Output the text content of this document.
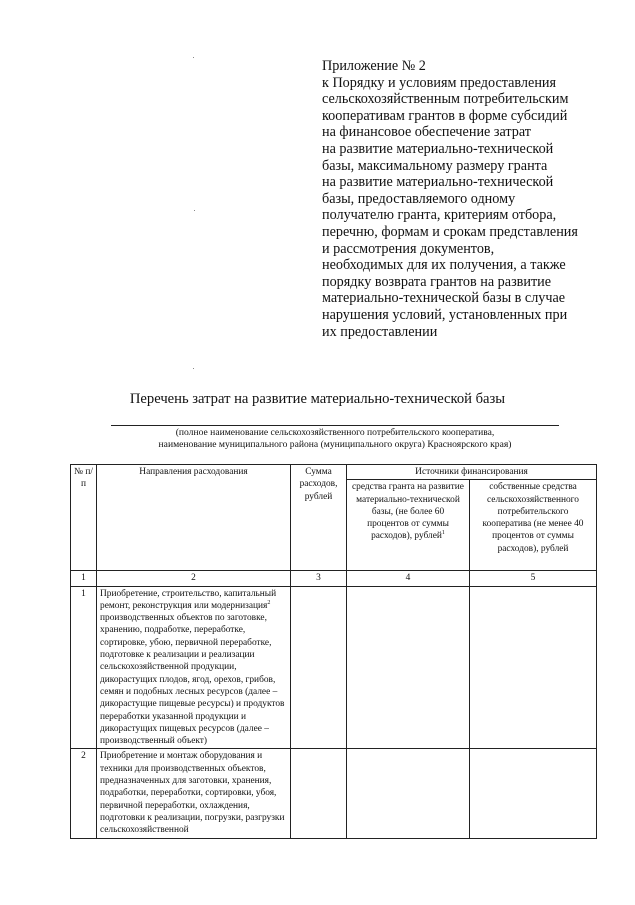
Приложение № 2
к Порядку и условиям предоставления
сельскохозяйственным потребительским
кооперативам грантов в форме субсидий
на финансовое обеспечение затрат
на развитие материально-технической
базы, максимальному размеру гранта
на развитие материально-технической
базы, предоставляемого одному
получателю гранта, критериям отбора,
перечню, формам и срокам представления
и рассмотрения документов,
необходимых для их получения, а также
порядку возврата грантов на развитие
материально-технической базы в случае
нарушения условий, установленных при
их предоставлении
Перечень затрат на развитие материально-технической базы
(полное наименование сельскохозяйственного потребительского кооператива,
наименование муниципального района (муниципального округа) Красноярского края)
№ п/п	Направления расходования	Сумма расходов, рублей	Источники финансирования	
			средства гранта на развитие материально-технической базы, (не более 60 процентов от суммы расходов), рублей$^1$	собственные средства сельскохозяйственного потребительского кооператива (не менее 40 процентов от суммы расходов), рублей
1	2	3	4	5
1	Приобретение, строительство, капитальный ремонт, реконструкция или модернизация$^2$ производственных объектов по заготовке, хранению, подработке, переработке, сортировке, убою, первичной переработке, подготовке к реализации и реализации сельскохозяйственной продукции, дикорастущих плодов, ягод, орехов, грибов, семян и подобных лесных ресурсов (далее – дикорастущие пищевые ресурсы) и продуктов переработки указанной продукции и дикорастущих пищевых ресурсов (далее – производственный объект)			
2	Приобретение и монтаж оборудования и техники для производственных объектов, предназначенных для заготовки, хранения, подработки, переработки, сортировки, убоя, первичной переработки, охлаждения, подготовки к реализации, погрузки, разгрузки сельскохозяйственной			
